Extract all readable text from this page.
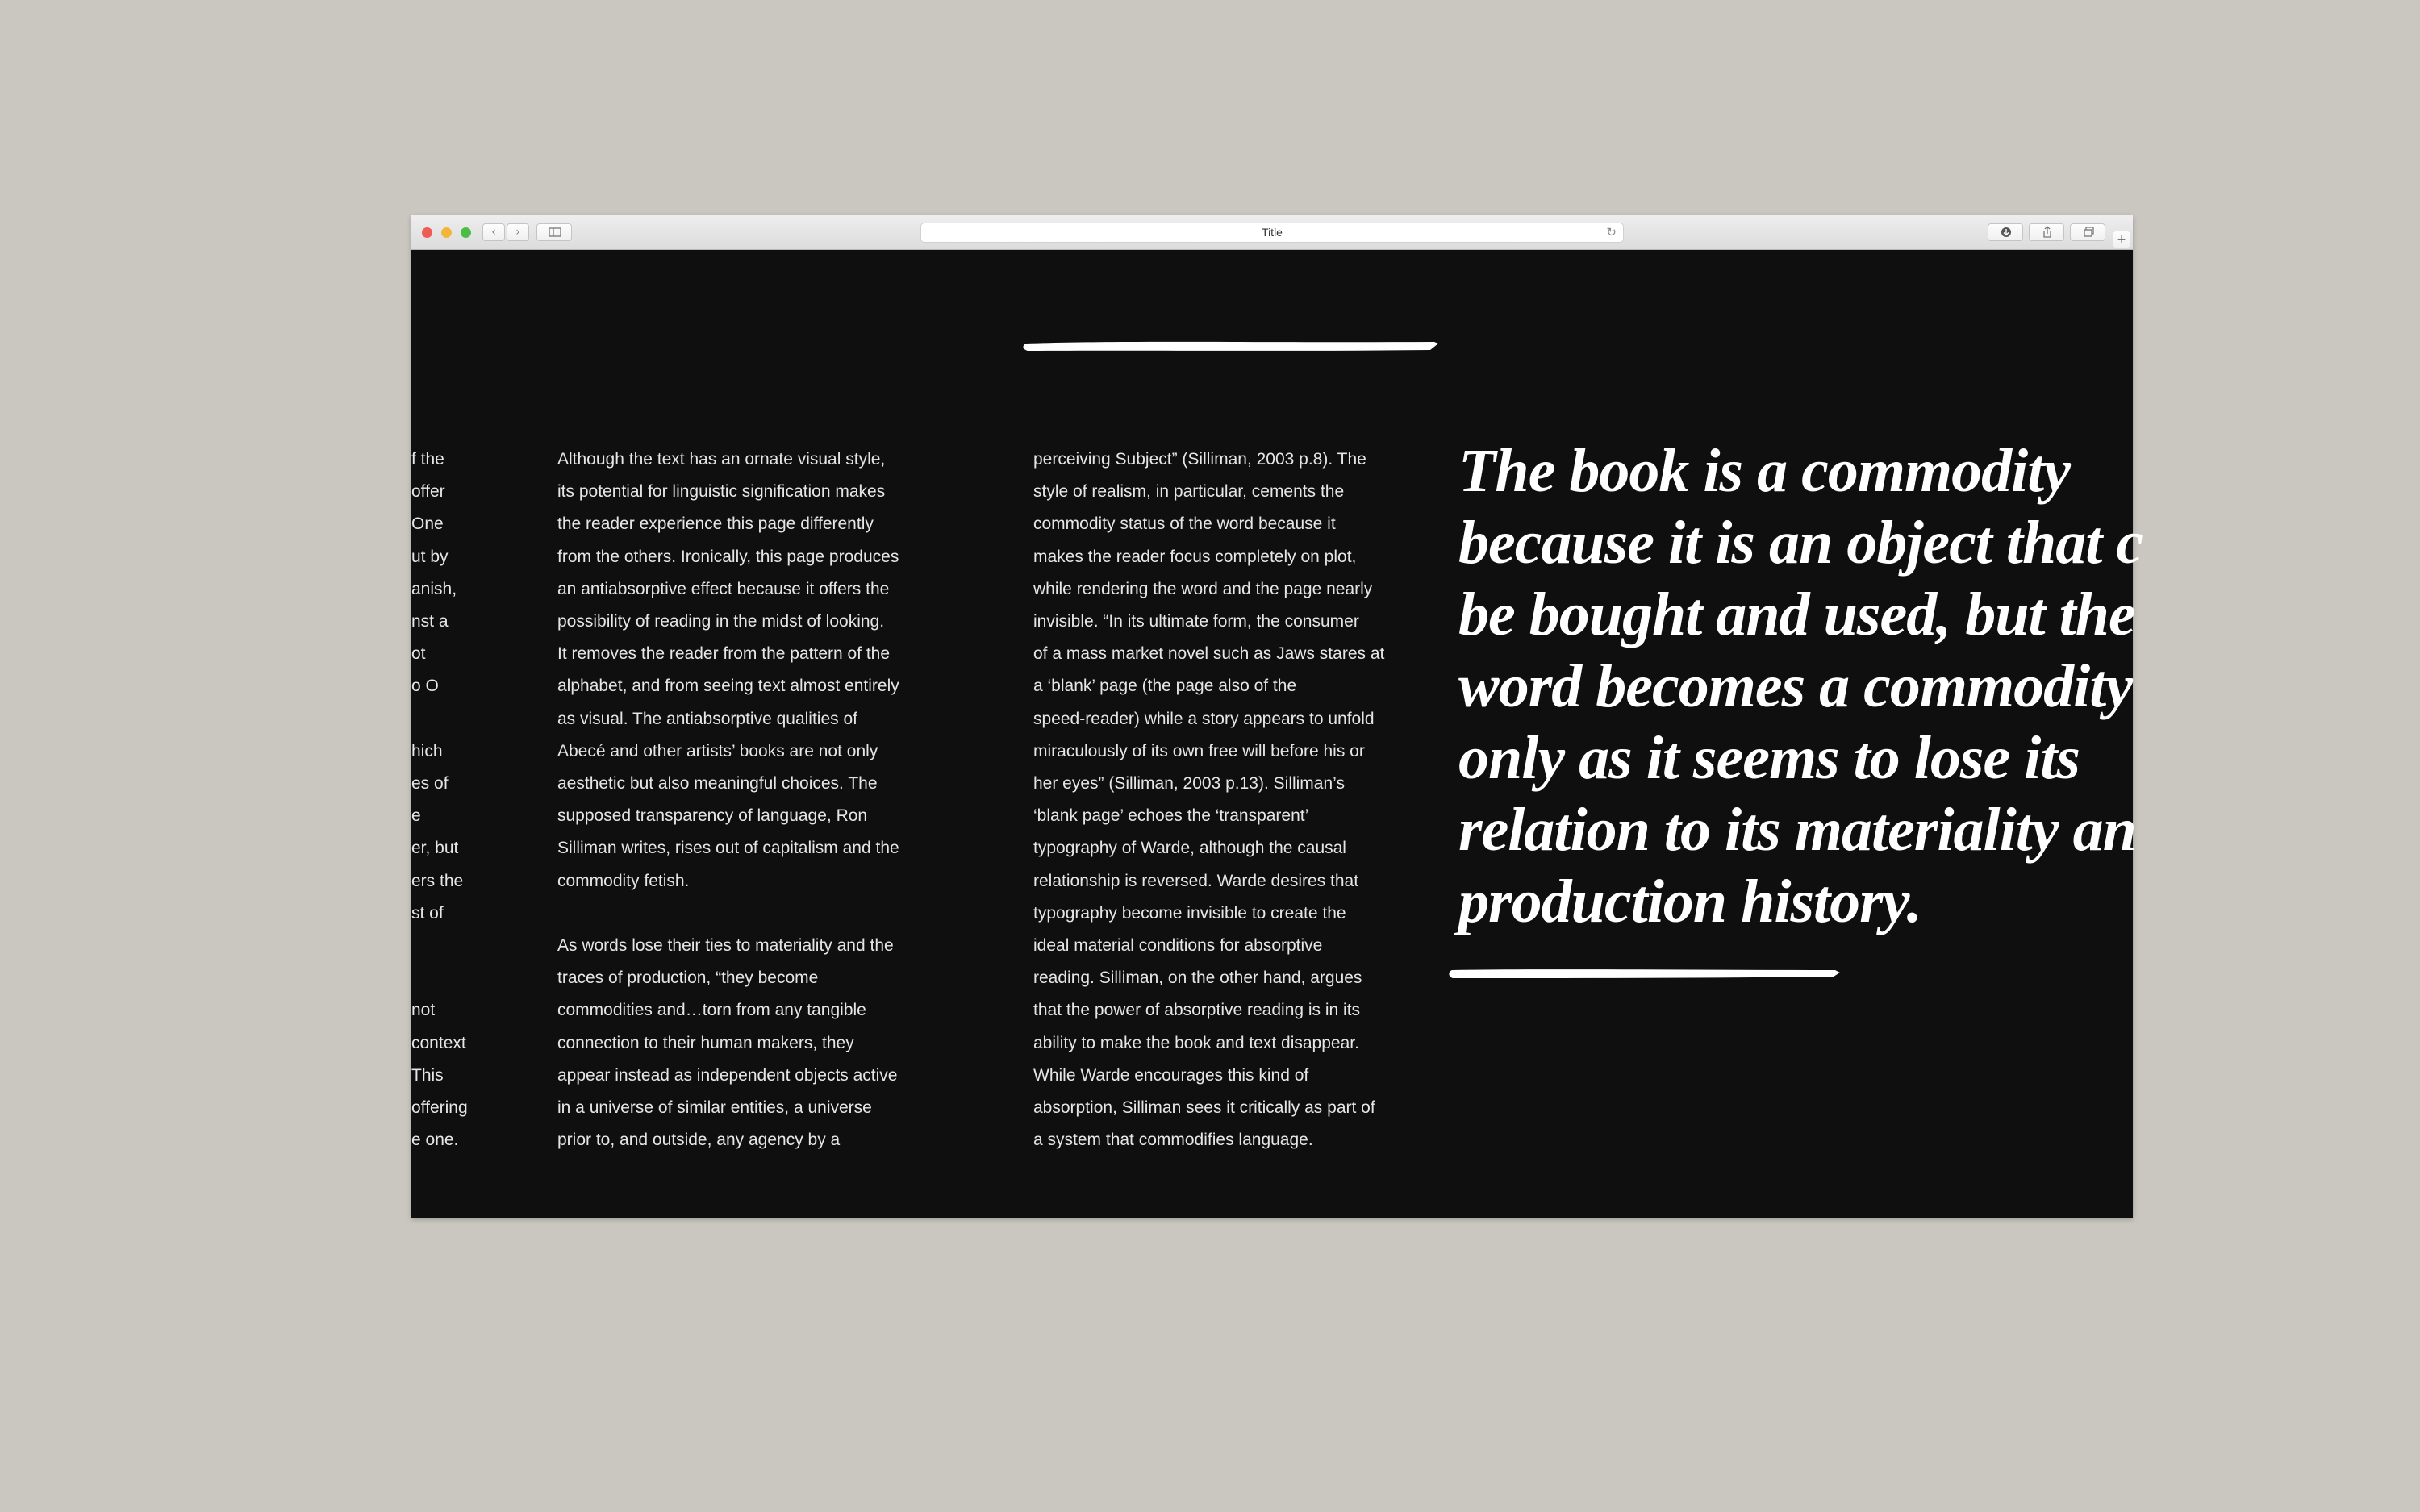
‹	›	Title	↻	+
f the
offer
One
ut by
anish,
nst a
ot
o O

hich
es of
e
er, but
ers the
st of

not
context
This
offering
e one.
Although the text has an ornate visual style,
its potential for linguistic signification makes
the reader experience this page differently
from the others. Ironically, this page produces
an antiabsorptive effect because it offers the
possibility of reading in the midst of looking.
It removes the reader from the pattern of the
alphabet, and from seeing text almost entirely
as visual. The antiabsorptive qualities of
Abecé and other artists’ books are not only
aesthetic but also meaningful choices. The
supposed transparency of language, Ron
Silliman writes, rises out of capitalism and the
commodity fetish.
As words lose their ties to materiality and the
traces of production, “they become
commodities and…torn from any tangible
connection to their human makers, they
appear instead as independent objects active
in a universe of similar entities, a universe
prior to, and outside, any agency by a
perceiving Subject” (Silliman, 2003 p.8). The
style of realism, in particular, cements the
commodity status of the word because it
makes the reader focus completely on plot,
while rendering the word and the page nearly
invisible. “In its ultimate form, the consumer
of a mass market novel such as Jaws stares at
a ‘blank’ page (the page also of the
speed-reader) while a story appears to unfold
miraculously of its own free will before his or
her eyes” (Silliman, 2003 p.13). Silliman’s
‘blank page’ echoes the ‘transparent’
typography of Warde, although the causal
relationship is reversed. Warde desires that
typography become invisible to create the
ideal material conditions for absorptive
reading. Silliman, on the other hand, argues
that the power of absorptive reading is in its
ability to make the book and text disappear.
While Warde encourages this kind of
absorption, Silliman sees it critically as part of
a system that commodifies language.
The book is a commodity
because it is an object that c
be bought and used, but the
word becomes a commodity
only as it seems to lose its
relation to its materiality an
production history.
